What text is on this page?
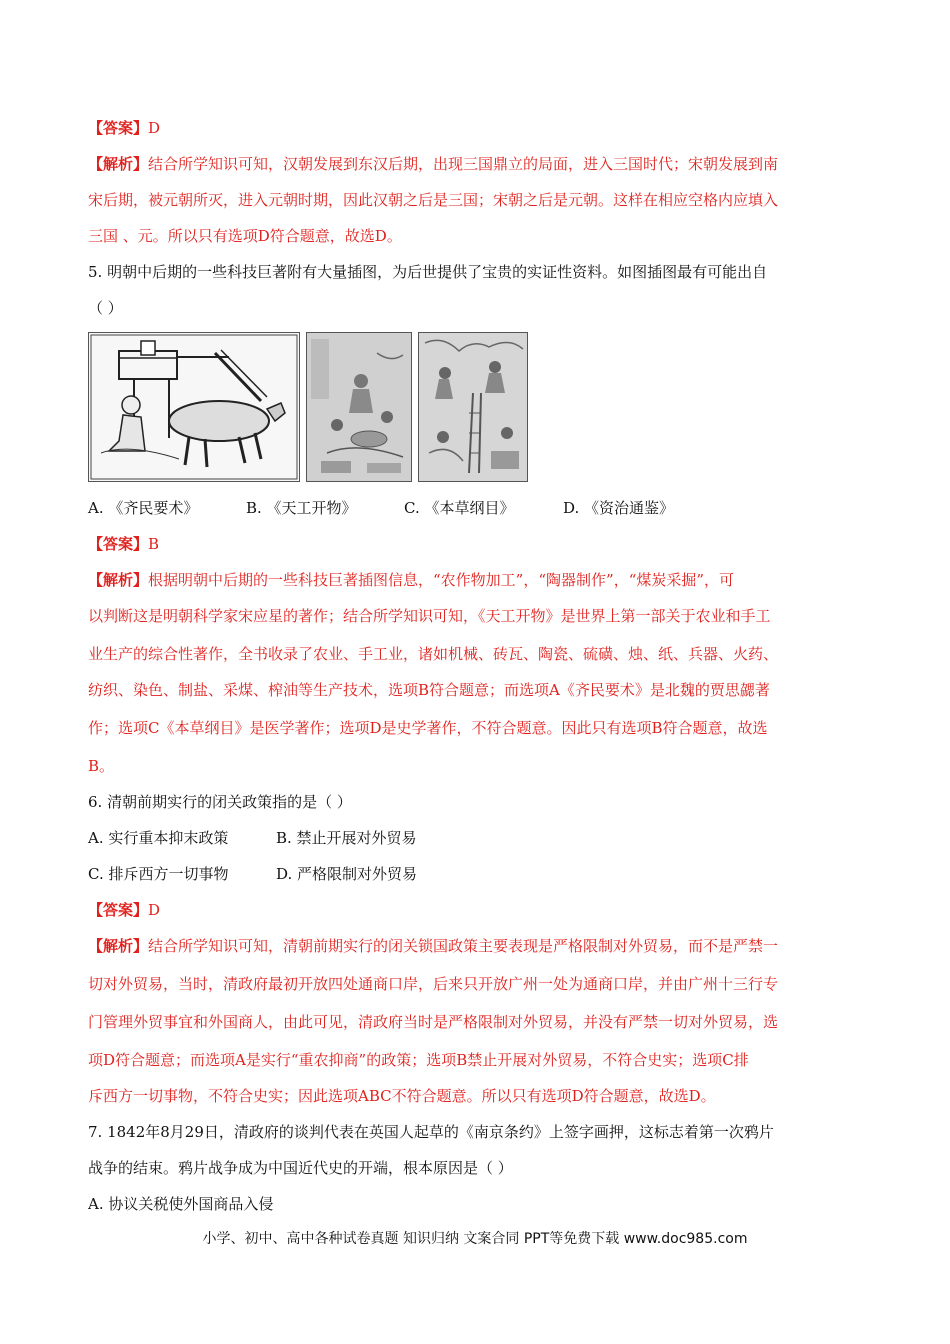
【答案】D
【解析】结合所学知识可知，汉朝发展到东汉后期，出现三国鼎立的局面，进入三国时代；宋朝发展到南
宋后期，被元朝所灭，进入元朝时期，因此汉朝之后是三国；宋朝之后是元朝。这样在相应空格内应填入
三国 、元。所以只有选项D符合题意，故选D。
5. 明朝中后期的一些科技巨著附有大量插图，为后世提供了宝贵的实证性资料。如图插图最有可能出自
（ ）
A. 《齐民要术》	B. 《天工开物》	C. 《本草纲目》	D. 《资治通鉴》
【答案】B
【解析】根据明朝中后期的一些科技巨著插图信息，“农作物加工”，“陶器制作”，“煤炭采掘”，可
以判断这是明朝科学家宋应星的著作；结合所学知识可知，《天工开物》是世界上第一部关于农业和手工
业生产的综合性著作，全书收录了农业、手工业，诸如机械、砖瓦、陶瓷、硫磺、烛、纸、兵器、火药、
纺织、染色、制盐、采煤、榨油等生产技术，选项B符合题意；而选项A《齐民要术》是北魏的贾思勰著
作；选项C《本草纲目》是医学著作；选项D是史学著作，不符合题意。因此只有选项B符合题意，故选
B。
6. 清朝前期实行的闭关政策指的是（ ）
A. 实行重本抑末政策	B. 禁止开展对外贸易
C. 排斥西方一切事物	D. 严格限制对外贸易
【答案】D
【解析】结合所学知识可知，清朝前期实行的闭关锁国政策主要表现是严格限制对外贸易，而不是严禁一
切对外贸易，当时，清政府最初开放四处通商口岸，后来只开放广州一处为通商口岸，并由广州十三行专
门管理外贸事宜和外国商人，由此可见，清政府当时是严格限制对外贸易，并没有严禁一切对外贸易，选
项D符合题意；而选项A是实行“重农抑商”的政策；选项B禁止开展对外贸易，不符合史实；选项C排
斥西方一切事物，不符合史实；因此选项ABC不符合题意。所以只有选项D符合题意，故选D。
7. 1842年8月29日，清政府的谈判代表在英国人起草的《南京条约》上签字画押，这标志着第一次鸦片
战争的结束。鸦片战争成为中国近代史的开端，根本原因是（ ）
A. 协议关税使外国商品入侵
小学、初中、高中各种试卷真题 知识归纳 文案合同 PPT等免费下载 www.doc985.com
